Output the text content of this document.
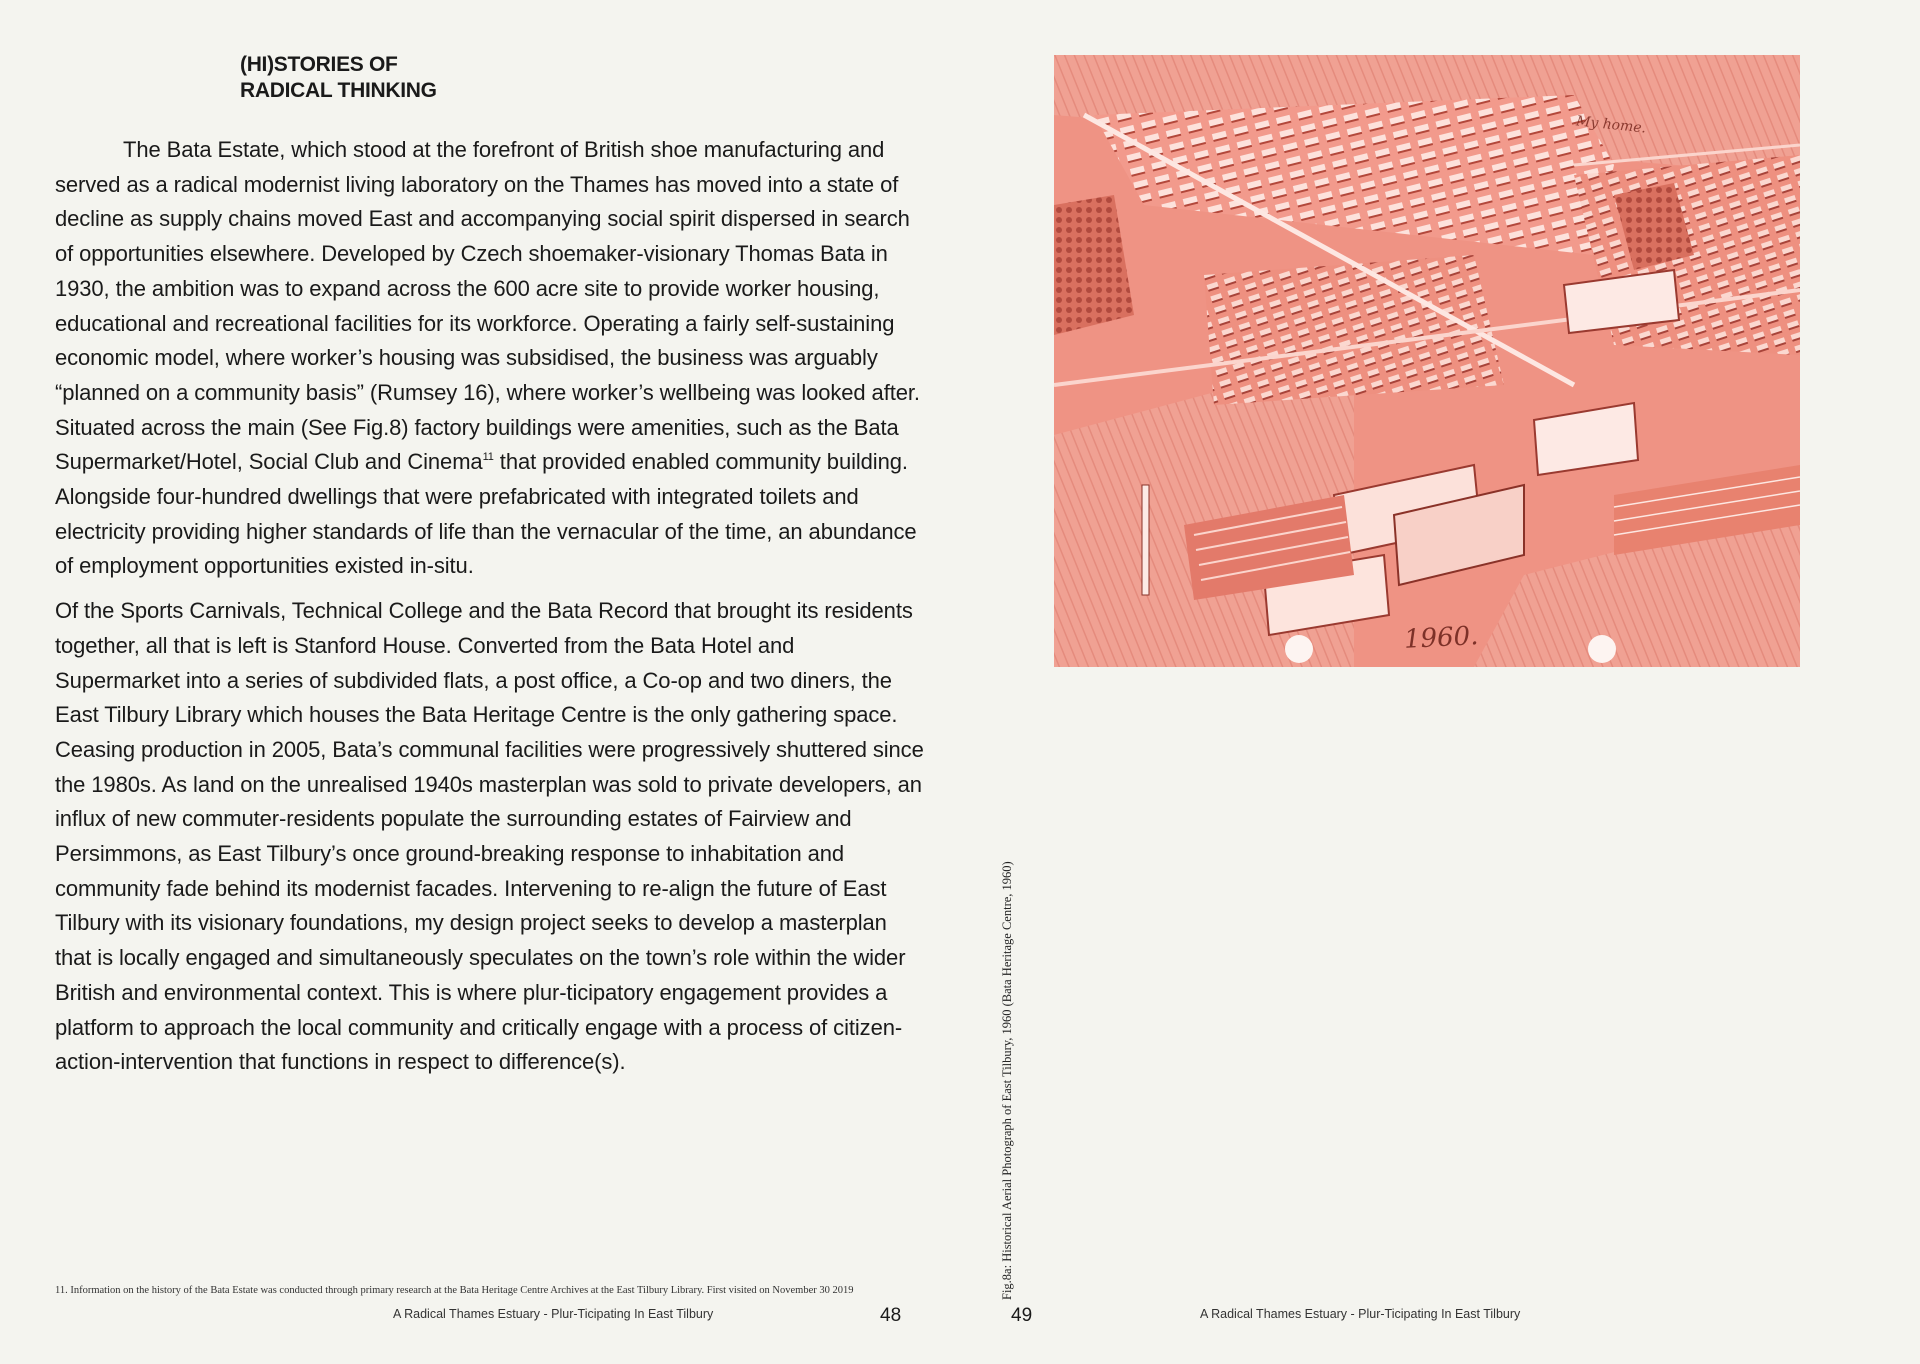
(HI)STORIES OF
RADICAL THINKING

The Bata Estate, which stood at the forefront of British shoe manufacturing and served as a radical modernist living laboratory on the Thames has moved into a state of decline as supply chains moved East and accompanying social spirit dispersed in search of opportunities elsewhere. Developed by Czech shoemaker-visionary Thomas Bata in 1930, the ambition was to expand across the 600 acre site to provide worker housing, educational and recreational facilities for its workforce. Operating a fairly self-sustaining economic model, where worker’s housing was subsidised, the business was arguably “planned on a community basis” (Rumsey 16), where worker’s wellbeing was looked after. Situated across the main (See Fig.8) factory buildings were amenities, such as the Bata Supermarket/Hotel, Social Club and Cinema$^{11}$ that provided enabled community building. Alongside four-hundred dwellings that were prefabricated with integrated toilets and electricity providing higher standards of life than the vernacular of the time, an abundance of employment opportunities existed in-situ.

Of the Sports Carnivals, Technical College and the Bata Record that brought its residents together, all that is left is Stanford House. Converted from the Bata Hotel and Supermarket into a series of subdivided flats, a post office, a Co-op and two diners, the East Tilbury Library which houses the Bata Heritage Centre is the only gathering space. Ceasing production in 2005, Bata’s communal facilities were progressively shuttered since the 1980s. As land on the unrealised 1940s masterplan was sold to private developers, an influx of new commuter-residents populate the surrounding estates of Fairview and Persimmons, as East Tilbury’s once ground-breaking response to inhabitation and community fade behind its modernist facades. Intervening to re-align the future of East Tilbury with its visionary foundations, my design project seeks to develop a masterplan that is locally engaged and simultaneously speculates on the town’s role within the wider British and environmental context. This is where plur-ticipatory engagement provides a platform to approach the local community and critically engage with a process of citizen-action-intervention that functions in respect to difference(s).

11. Information on the history of the Bata Estate was conducted through primary research at the Bata Heritage Centre Archives at the East Tilbury Library. First visited on November 30 2019
A Radical Thames Estuary - Plur-Ticipating In East Tilbury	48	49	A Radical Thames Estuary - Plur-Ticipating In East Tilbury
Fig.8a: Historical Aerial Photograph of East Tilbury, 1960 (Bata Heritage Centre, 1960)
My home.
1960.
